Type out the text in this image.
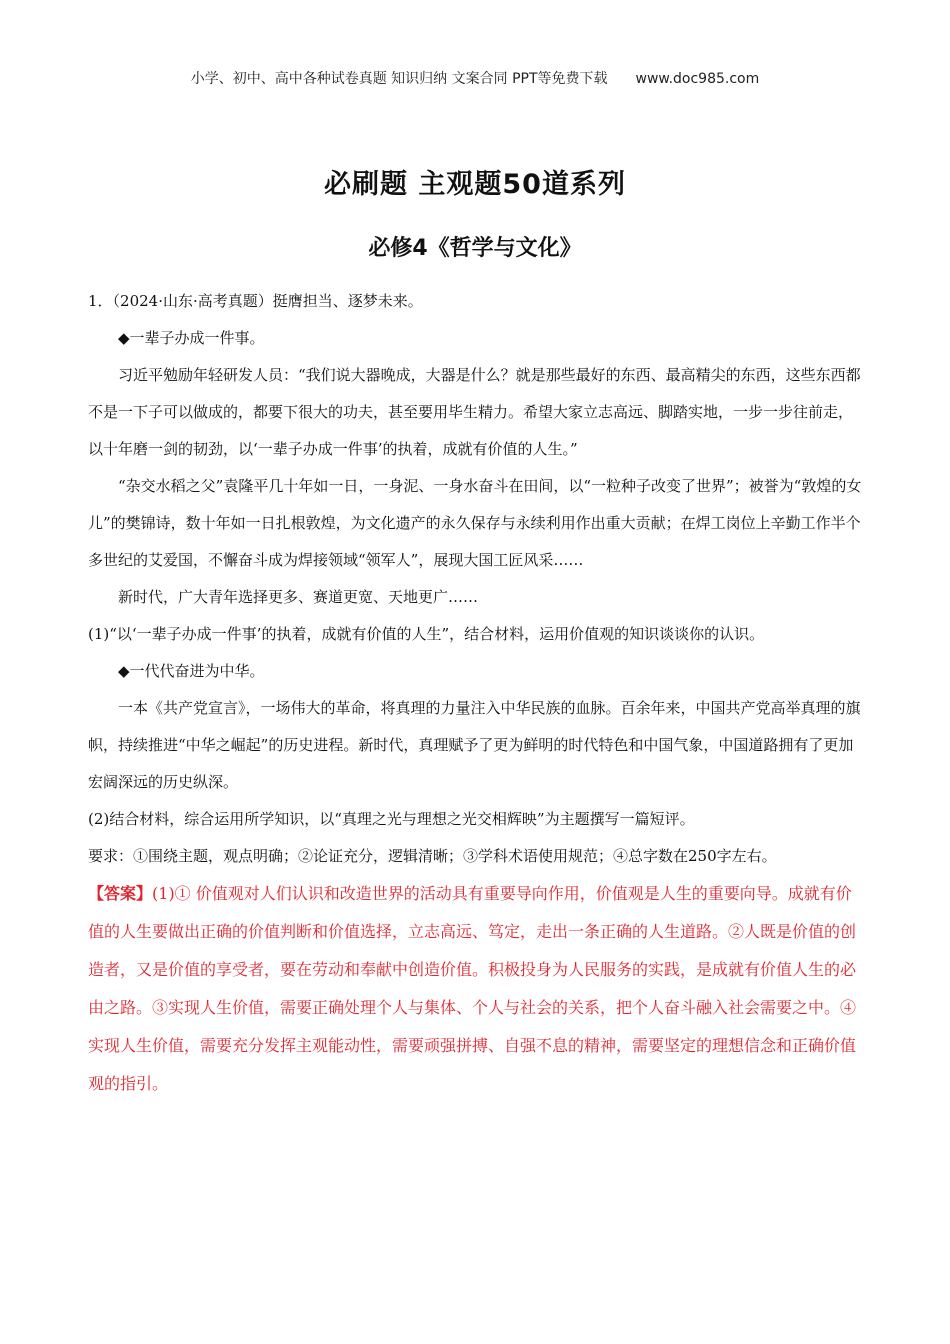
小学、初中、高中各种试卷真题 知识归纳 文案合同 PPT等免费下载 www.doc985.com
必刷题 主观题50道系列
必修4《哲学与文化》

1．（2024·山东·高考真题）挺膺担当、逐梦未来。

◆一辈子办成一件事。

习近平勉励年轻研发人员：“我们说大器晚成，大器是什么？就是那些最好的东西、最高精尖的东西，这些东西都不是一下子可以做成的，都要下很大的功夫，甚至要用毕生精力。希望大家立志高远、脚踏实地，一步一步往前走，以十年磨一剑的韧劲，以‘一辈子办成一件事’的执着，成就有价值的人生。”

“杂交水稻之父”袁隆平几十年如一日，一身泥、一身水奋斗在田间，以“一粒种子改变了世界”；被誉为“敦煌的女儿”的樊锦诗，数十年如一日扎根敦煌，为文化遗产的永久保存与永续利用作出重大贡献；在焊工岗位上辛勤工作半个多世纪的艾爱国，不懈奋斗成为焊接领域“领军人”，展现大国工匠风采……

新时代，广大青年选择更多、赛道更宽、天地更广……

(1)“以‘一辈子办成一件事’的执着，成就有价值的人生”，结合材料，运用价值观的知识谈谈你的认识。

◆一代代奋进为中华。

一本《共产党宣言》，一场伟大的革命，将真理的力量注入中华民族的血脉。百余年来，中国共产党高举真理的旗帜，持续推进“中华之崛起”的历史进程。新时代，真理赋予了更为鲜明的时代特色和中国气象，中国道路拥有了更加宏阔深远的历史纵深。

(2)结合材料，综合运用所学知识，以“真理之光与理想之光交相辉映”为主题撰写一篇短评。

要求：①围绕主题，观点明确；②论证充分，逻辑清晰；③学科术语使用规范；④总字数在250字左右。

【答案】(1)① 价值观对人们认识和改造世界的活动具有重要导向作用，价值观是人生的重要向导。成就有价值的人生要做出正确的价值判断和价值选择，立志高远、笃定，走出一条正确的人生道路。②人既是价值的创造者，又是价值的享受者，要在劳动和奉献中创造价值。积极投身为人民服务的实践，是成就有价值人生的必由之路。③实现人生价值，需要正确处理个人与集体、个人与社会的关系，把个人奋斗融入社会需要之中。④实现人生价值，需要充分发挥主观能动性，需要顽强拼搏、自强不息的精神，需要坚定的理想信念和正确价值观的指引。
